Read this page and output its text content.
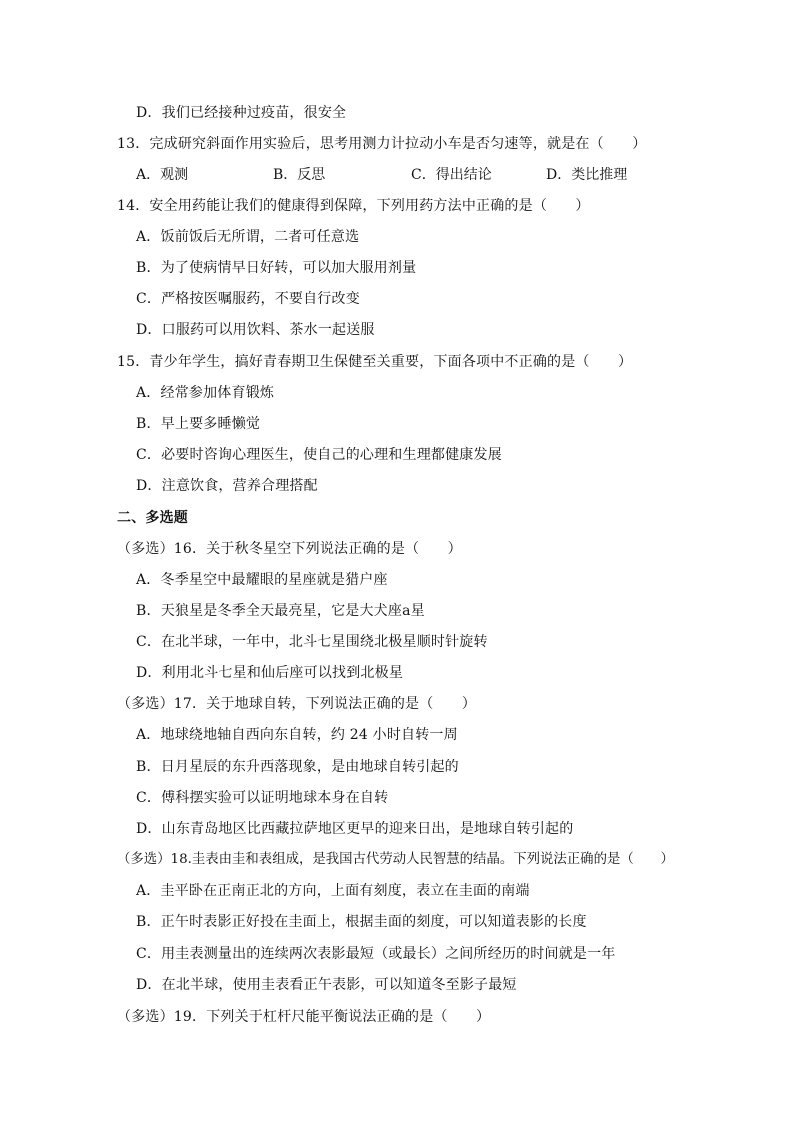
D．我们已经接种过疫苗，很安全
13．完成研究斜面作用实验后，思考用测力计拉动小车是否匀速等，就是在（　　）
A．观测	B．反思	C．得出结论	D．类比推理
14．安全用药能让我们的健康得到保障，下列用药方法中正确的是（　　）
A．饭前饭后无所谓，二者可任意选
B．为了使病情早日好转，可以加大服用剂量
C．严格按医嘱服药，不要自行改变
D．口服药可以用饮料、茶水一起送服
15．青少年学生，搞好青春期卫生保健至关重要，下面各项中不正确的是（　　）
A．经常参加体育锻炼
B．早上要多睡懒觉
C．必要时咨询心理医生，使自己的心理和生理都健康发展
D．注意饮食，营养合理搭配
二、多选题
（多选）16．关于秋冬星空下列说法正确的是（　　）
A．冬季星空中最耀眼的星座就是猎户座
B．天狼星是冬季全天最亮星，它是大犬座a星
C．在北半球，一年中，北斗七星围绕北极星顺时针旋转
D．利用北斗七星和仙后座可以找到北极星
（多选）17．关于地球自转，下列说法正确的是（　　）
A．地球绕地轴自西向东自转，约 24 小时自转一周
B．日月星辰的东升西落现象，是由地球自转引起的
C．傅科摆实验可以证明地球本身在自转
D．山东青岛地区比西藏拉萨地区更早的迎来日出，是地球自转引起的
（多选）18.圭表由圭和表组成，是我国古代劳动人民智慧的结晶。下列说法正确的是（　　）
A．圭平卧在正南正北的方向，上面有刻度，表立在圭面的南端
B．正午时表影正好投在圭面上，根据圭面的刻度，可以知道表影的长度
C．用圭表测量出的连续两次表影最短（或最长）之间所经历的时间就是一年
D．在北半球，使用圭表看正午表影，可以知道冬至影子最短
（多选）19．下列关于杠杆尺能平衡说法正确的是（　　）
